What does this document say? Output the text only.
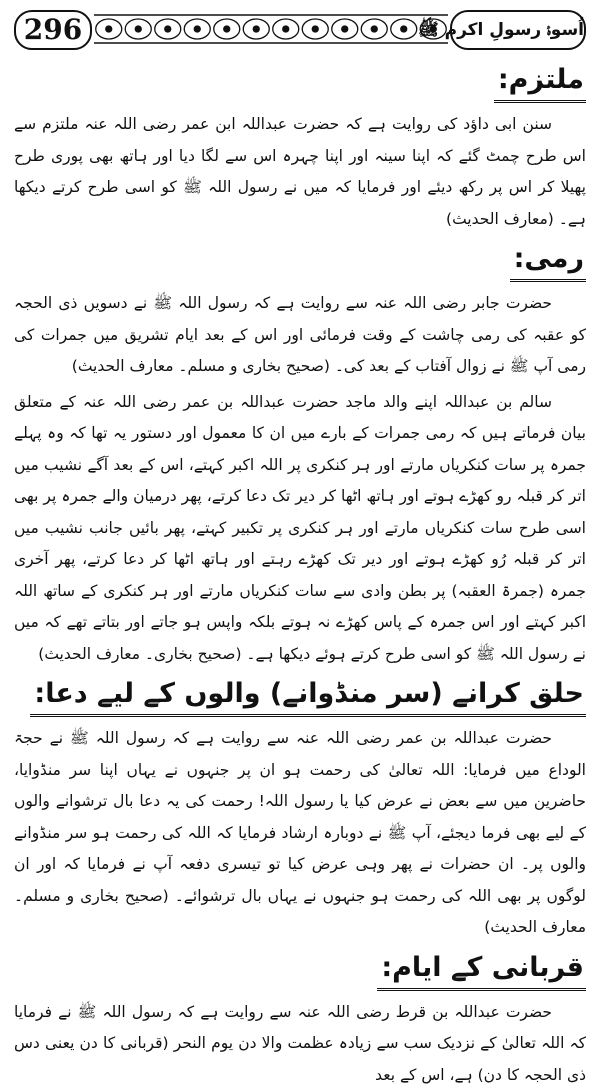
296	اُسوۂ رسولِ اکرم ﷺ
ملتزم:

سنن ابی داؤد کی روایت ہے کہ حضرت عبداللہ ابن عمر رضی اللہ عنہ ملتزم سے اس طرح چمٹ گئے کہ اپنا سینہ اور اپنا چہرہ اس سے لگا دیا اور ہاتھ بھی پوری طرح پھیلا کر اس پر رکھ دیئے اور فرمایا کہ میں نے رسول اللہ ﷺ کو اسی طرح کرتے دیکھا ہے۔ (معارف الحدیث)

رمی:

حضرت جابر رضی اللہ عنہ سے روایت ہے کہ رسول اللہ ﷺ نے دسویں ذی الحجہ کو عقبہ کی رمی چاشت کے وقت فرمائی اور اس کے بعد ایام تشریق میں جمرات کی رمی آپ ﷺ نے زوال آفتاب کے بعد کی۔ (صحیح بخاری و مسلم۔ معارف الحدیث)

سالم بن عبداللہ اپنے والد ماجد حضرت عبداللہ بن عمر رضی اللہ عنہ کے متعلق بیان فرماتے ہیں کہ رمی جمرات کے بارے میں ان کا معمول اور دستور یہ تھا کہ وہ پہلے جمرہ پر سات کنکریاں مارتے اور ہر کنکری پر اللہ اکبر کہتے، اس کے بعد آگے نشیب میں اتر کر قبلہ رو کھڑے ہوتے اور ہاتھ اٹھا کر دیر تک دعا کرتے، پھر درمیان والے جمرہ پر بھی اسی طرح سات کنکریاں مارتے اور ہر کنکری پر تکبیر کہتے، پھر بائیں جانب نشیب میں اتر کر قبلہ رُو کھڑے ہوتے اور دیر تک کھڑے رہتے اور ہاتھ اٹھا کر دعا کرتے، پھر آخری جمرہ (جمرۃ العقبہ) پر بطن وادی سے سات کنکریاں مارتے اور ہر کنکری کے ساتھ اللہ اکبر کہتے اور اس جمرہ کے پاس کھڑے نہ ہوتے بلکہ واپس ہو جاتے اور بتاتے تھے کہ میں نے رسول اللہ ﷺ کو اسی طرح کرتے ہوئے دیکھا ہے۔ (صحیح بخاری۔ معارف الحدیث)

حلق کرانے (سر منڈوانے) والوں کے لیے دعا:

حضرت عبداللہ بن عمر رضی اللہ عنہ سے روایت ہے کہ رسول اللہ ﷺ نے حجۃ الوداع میں فرمایا: اللہ تعالیٰ کی رحمت ہو ان پر جنہوں نے یہاں اپنا سر منڈوایا، حاضرین میں سے بعض نے عرض کیا یا رسول اللہ! رحمت کی یہ دعا بال ترشوانے والوں کے لیے بھی فرما دیجئے، آپ ﷺ نے دوبارہ ارشاد فرمایا کہ اللہ کی رحمت ہو سر منڈوانے والوں پر۔ ان حضرات نے پھر وہی عرض کیا تو تیسری دفعہ آپ نے فرمایا کہ اور ان لوگوں پر بھی اللہ کی رحمت ہو جنہوں نے یہاں بال ترشوائے۔ (صحیح بخاری و مسلم۔ معارف الحدیث)

قربانی کے ایام:

حضرت عبداللہ بن قرط رضی اللہ عنہ سے روایت ہے کہ رسول اللہ ﷺ نے فرمایا کہ اللہ تعالیٰ کے نزدیک سب سے زیادہ عظمت والا دن یوم النحر (قربانی کا دن یعنی دس ذی الحجہ کا دن) ہے، اس کے بعد
